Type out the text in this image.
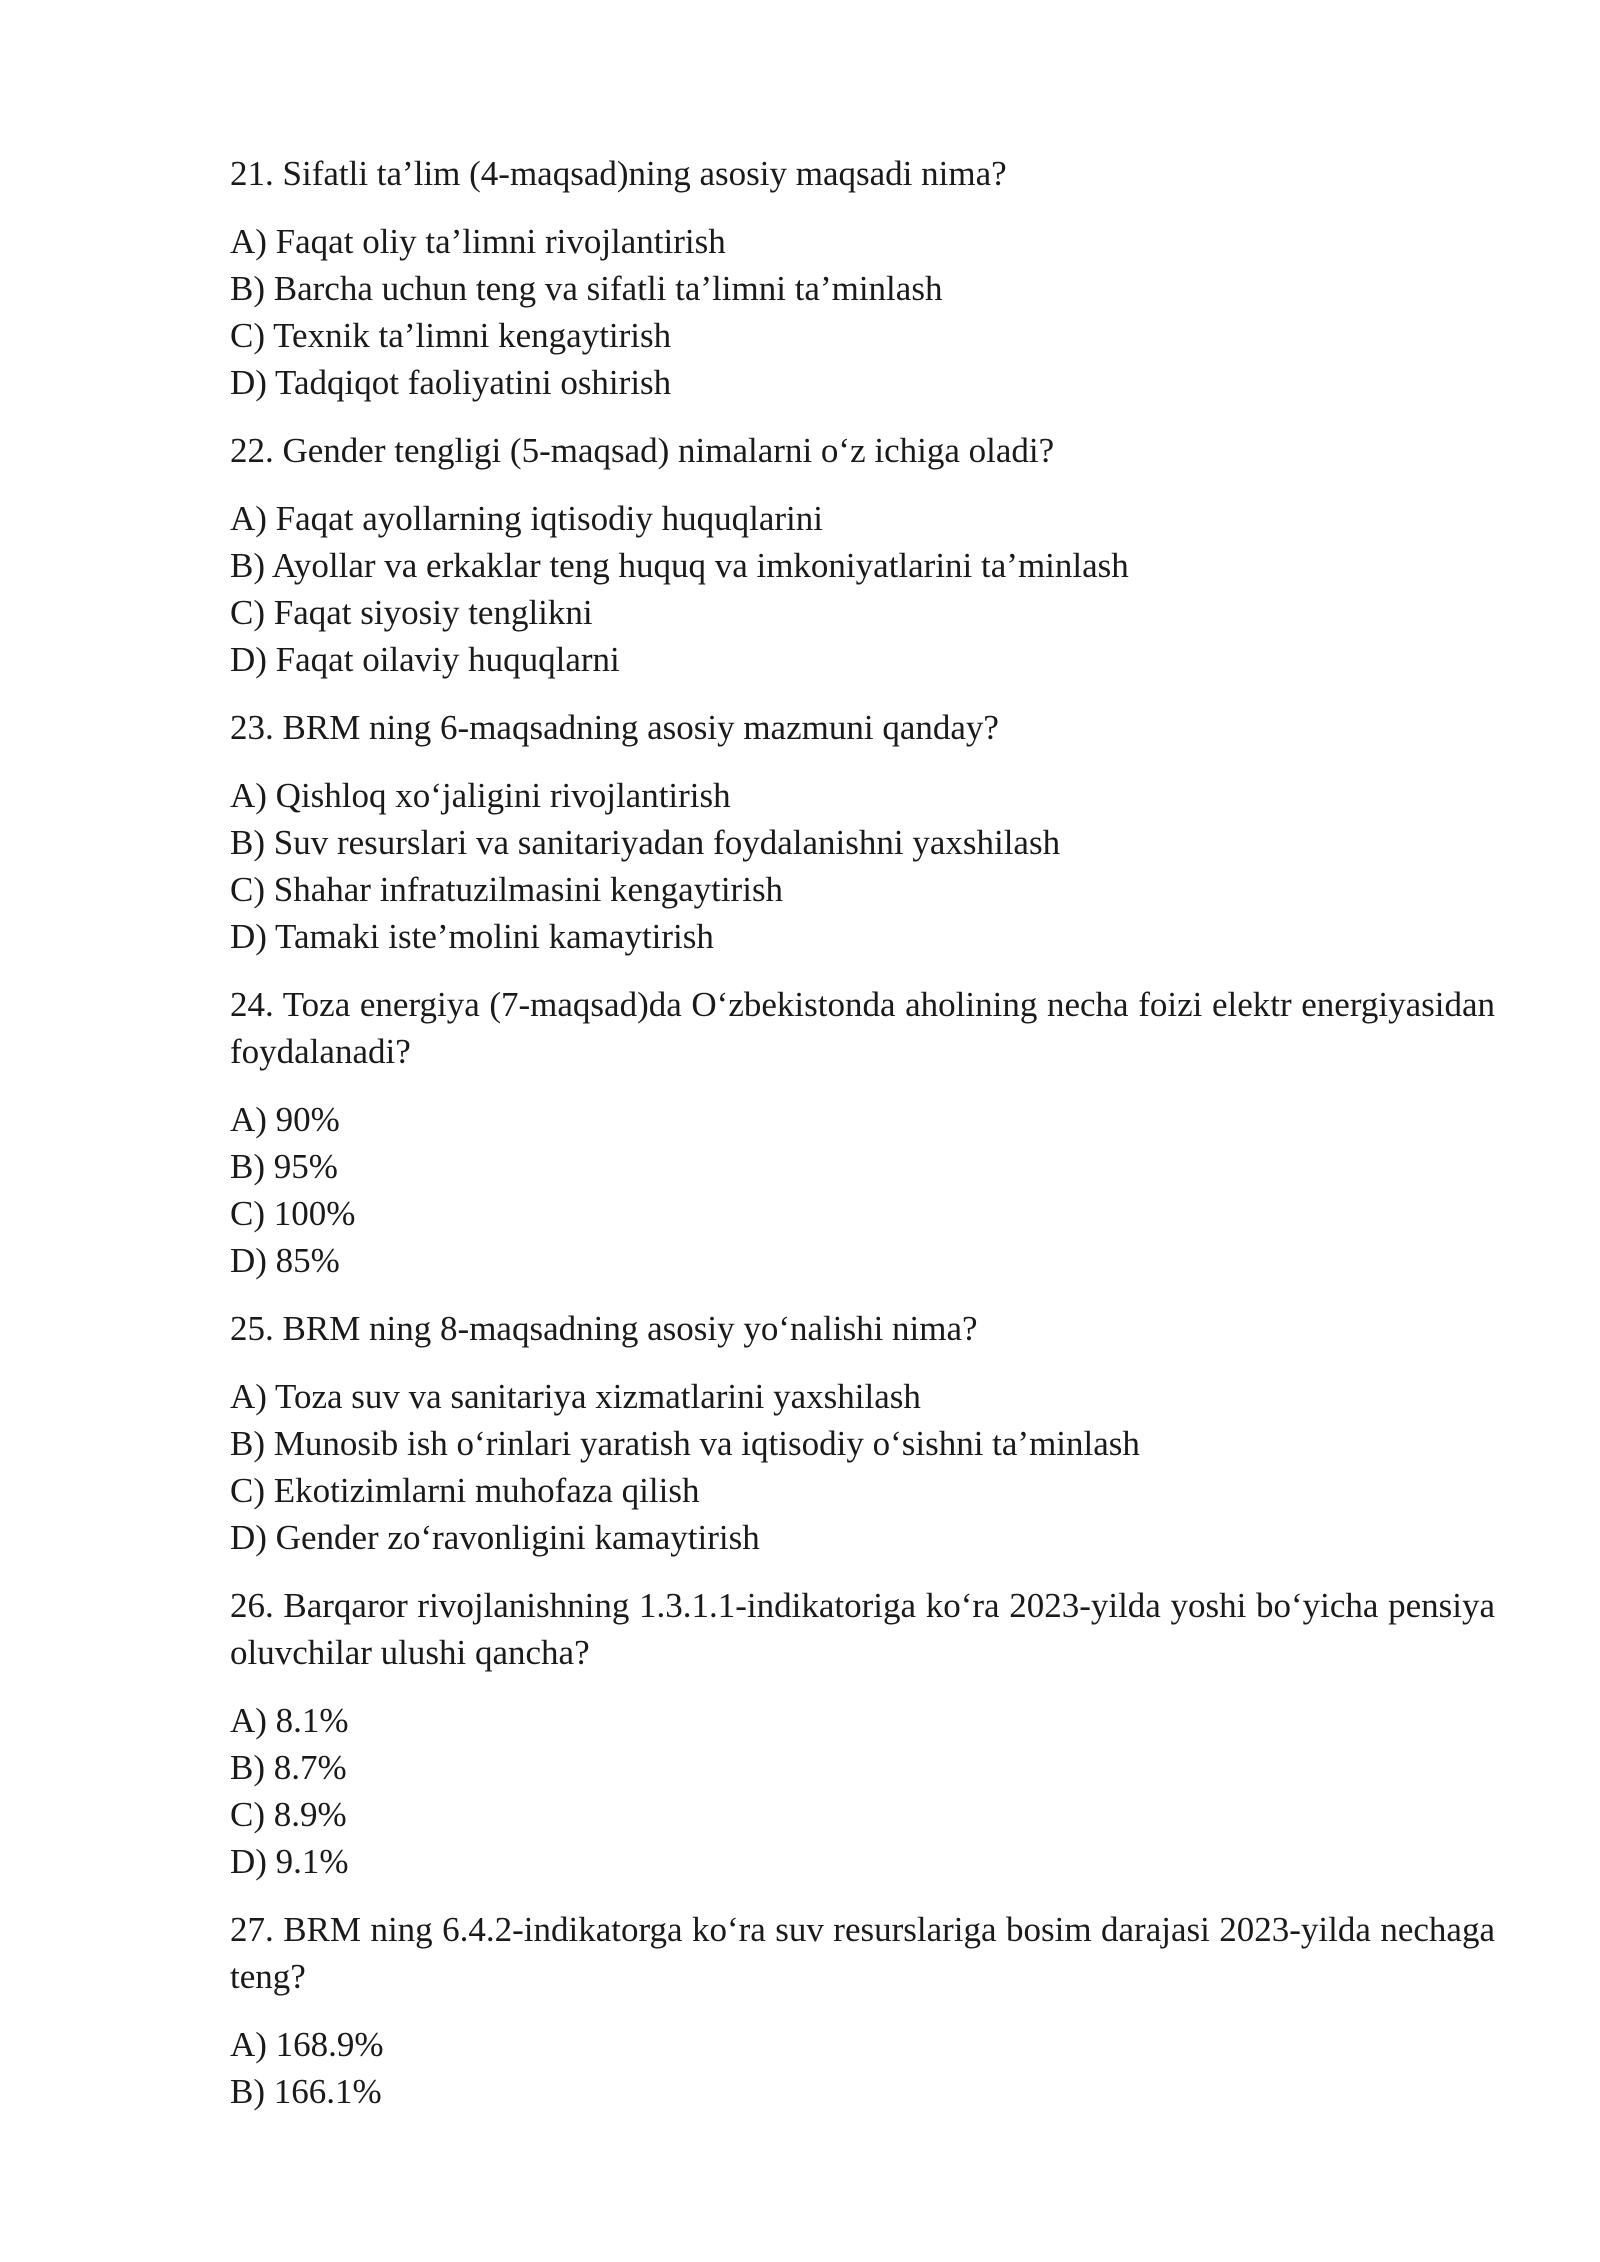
21. Sifatli ta’lim (4-maqsad)ning asosiy maqsadi nima?

A) Faqat oliy ta’limni rivojlantirish
B) Barcha uchun teng va sifatli ta’limni ta’minlash
C) Texnik ta’limni kengaytirish
D) Tadqiqot faoliyatini oshirish

22. Gender tengligi (5-maqsad) nimalarni o‘z ichiga oladi?

A) Faqat ayollarning iqtisodiy huquqlarini
B) Ayollar va erkaklar teng huquq va imkoniyatlarini ta’minlash
C) Faqat siyosiy tenglikni
D) Faqat oilaviy huquqlarni

23. BRM ning 6-maqsadning asosiy mazmuni qanday?

A) Qishloq xo‘jaligini rivojlantirish
B) Suv resurslari va sanitariyadan foydalanishni yaxshilash
C) Shahar infratuzilmasini kengaytirish
D) Tamaki iste’molini kamaytirish

24. Toza energiya (7-maqsad)da O‘zbekistonda aholining necha foizi elektr energiyasidan foydalanadi?

A) 90%
B) 95%
C) 100%
D) 85%

25. BRM ning 8-maqsadning asosiy yo‘nalishi nima?

A) Toza suv va sanitariya xizmatlarini yaxshilash
B) Munosib ish o‘rinlari yaratish va iqtisodiy o‘sishni ta’minlash
C) Ekotizimlarni muhofaza qilish
D) Gender zo‘ravonligini kamaytirish

26. Barqaror rivojlanishning 1.3.1.1-indikatoriga ko‘ra 2023-yilda yoshi bo‘yicha pensiya oluvchilar ulushi qancha?

A) 8.1%
B) 8.7%
C) 8.9%
D) 9.1%

27. BRM ning 6.4.2-indikatorga ko‘ra suv resurslariga bosim darajasi 2023-yilda nechaga teng?

A) 168.9%
B) 166.1%
